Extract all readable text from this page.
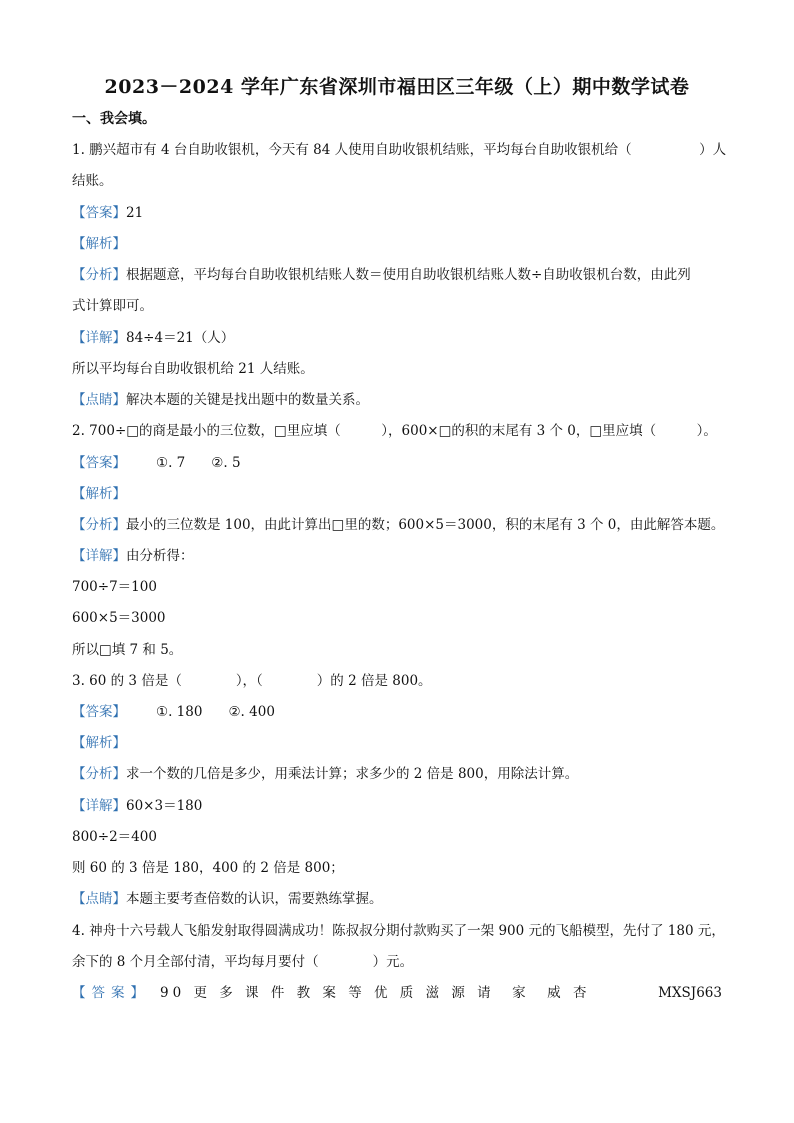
2023－2024 学年广东省深圳市福田区三年级（上）期中数学试卷
一、我会填。
1. 鹏兴超市有 4 台自助收银机，今天有 84 人使用自助收银机结账，平均每台自助收银机给（　　　　　）人
结账。
【答案】21
【解析】
【分析】根据题意，平均每台自助收银机结账人数＝使用自助收银机结账人数÷自助收银机台数，由此列
式计算即可。
【详解】84÷4＝21（人）
所以平均每台自助收银机给 21 人结账。
【点睛】解决本题的关键是找出题中的数量关系。
2. 700÷□的商是最小的三位数，□里应填（　　　），600×□的积的末尾有 3 个 0，□里应填（　　　）。
【答案】 ①. 7 ②. 5
【解析】
【分析】最小的三位数是 100，由此计算出□里的数；600×5＝3000，积的末尾有 3 个 0，由此解答本题。
【详解】由分析得：
700÷7＝100
600×5＝3000
所以□填 7 和 5。
3. 60 的 3 倍是（　　　　），（　　　　）的 2 倍是 800。
【答案】 ①. 180 ②. 400
【解析】
【分析】求一个数的几倍是多少，用乘法计算；求多少的 2 倍是 800，用除法计算。
【详解】60×3＝180
800÷2＝400
则 60 的 3 倍是 180，400 的 2 倍是 800；
【点睛】本题主要考查倍数的认识，需要熟练掌握。
4. 神舟十六号载人飞船发射取得圆满成功！陈叔叔分期付款购买了一架 900 元的飞船模型，先付了 180 元，
余下的 8 个月全部付清，平均每月要付（　　　　）元。
【答案】 90 更 多 课 件 教 案 等 优 质 滋 源 请　家　威 杏	MXSJ663
